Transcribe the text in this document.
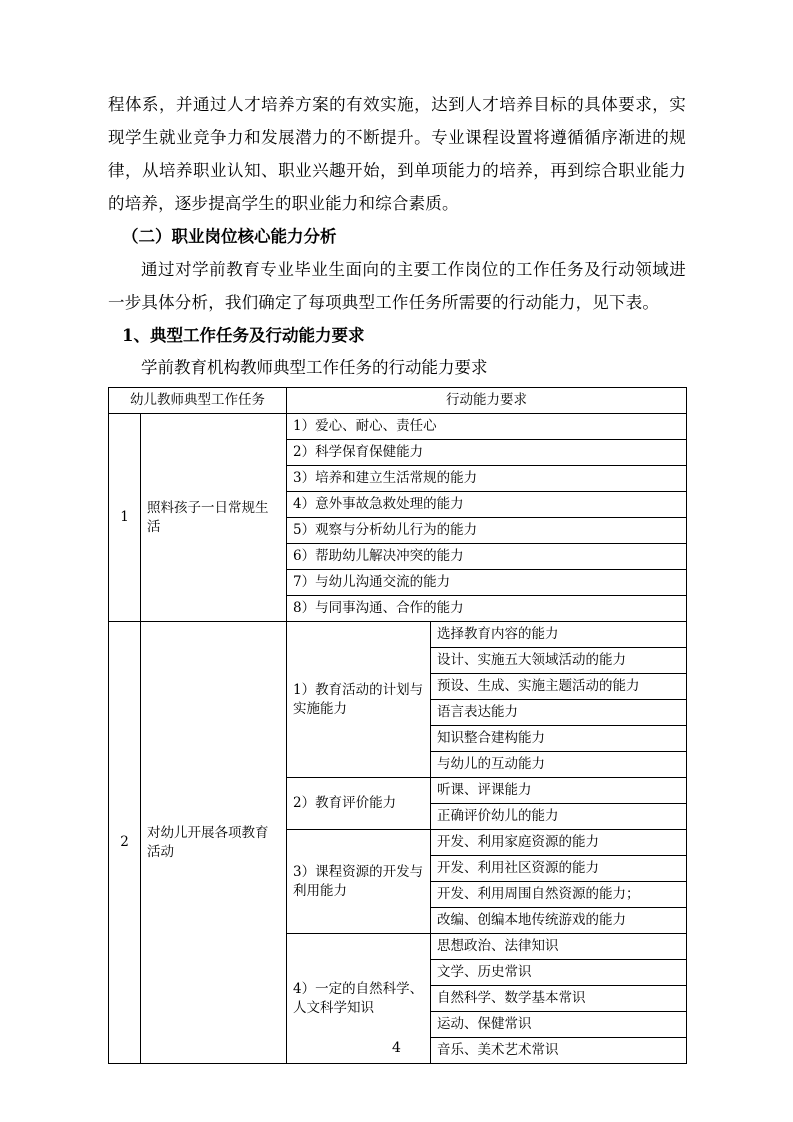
程体系，并通过人才培养方案的有效实施，达到人才培养目标的具体要求，实现学生就业竞争力和发展潜力的不断提升。专业课程设置将遵循循序渐进的规律，从培养职业认知、职业兴趣开始，到单项能力的培养，再到综合职业能力的培养，逐步提高学生的职业能力和综合素质。
（二）职业岗位核心能力分析
通过对学前教育专业毕业生面向的主要工作岗位的工作任务及行动领域进一步具体分析，我们确定了每项典型工作任务所需要的行动能力，见下表。
1、典型工作任务及行动能力要求
学前教育机构教师典型工作任务的行动能力要求
幼儿教师典型工作任务		行动能力要求	
1	照料孩子一日常规生活	1）爱心、耐心、责任心	
		2）科学保育保健能力	
		3）培养和建立生活常规的能力	
		4）意外事故急救处理的能力	
		5）观察与分析幼儿行为的能力	
		6）帮助幼儿解决冲突的能力	
		7）与幼儿沟通交流的能力	
		8）与同事沟通、合作的能力	
2	对幼儿开展各项教育活动	1）教育活动的计划与实施能力	选择教育内容的能力
			设计、实施五大领域活动的能力
			预设、生成、实施主题活动的能力
			语言表达能力
			知识整合建构能力
			与幼儿的互动能力
		2）教育评价能力	听课、评课能力
			正确评价幼儿的能力
		3）课程资源的开发与利用能力	开发、利用家庭资源的能力
			开发、利用社区资源的能力
			开发、利用周围自然资源的能力；
			改编、创编本地传统游戏的能力
		4）一定的自然科学、人文科学知识	思想政治、法律知识
			文学、历史常识
			自然科学、数学基本常识
			运动、保健常识
			音乐、美术艺术常识
4
